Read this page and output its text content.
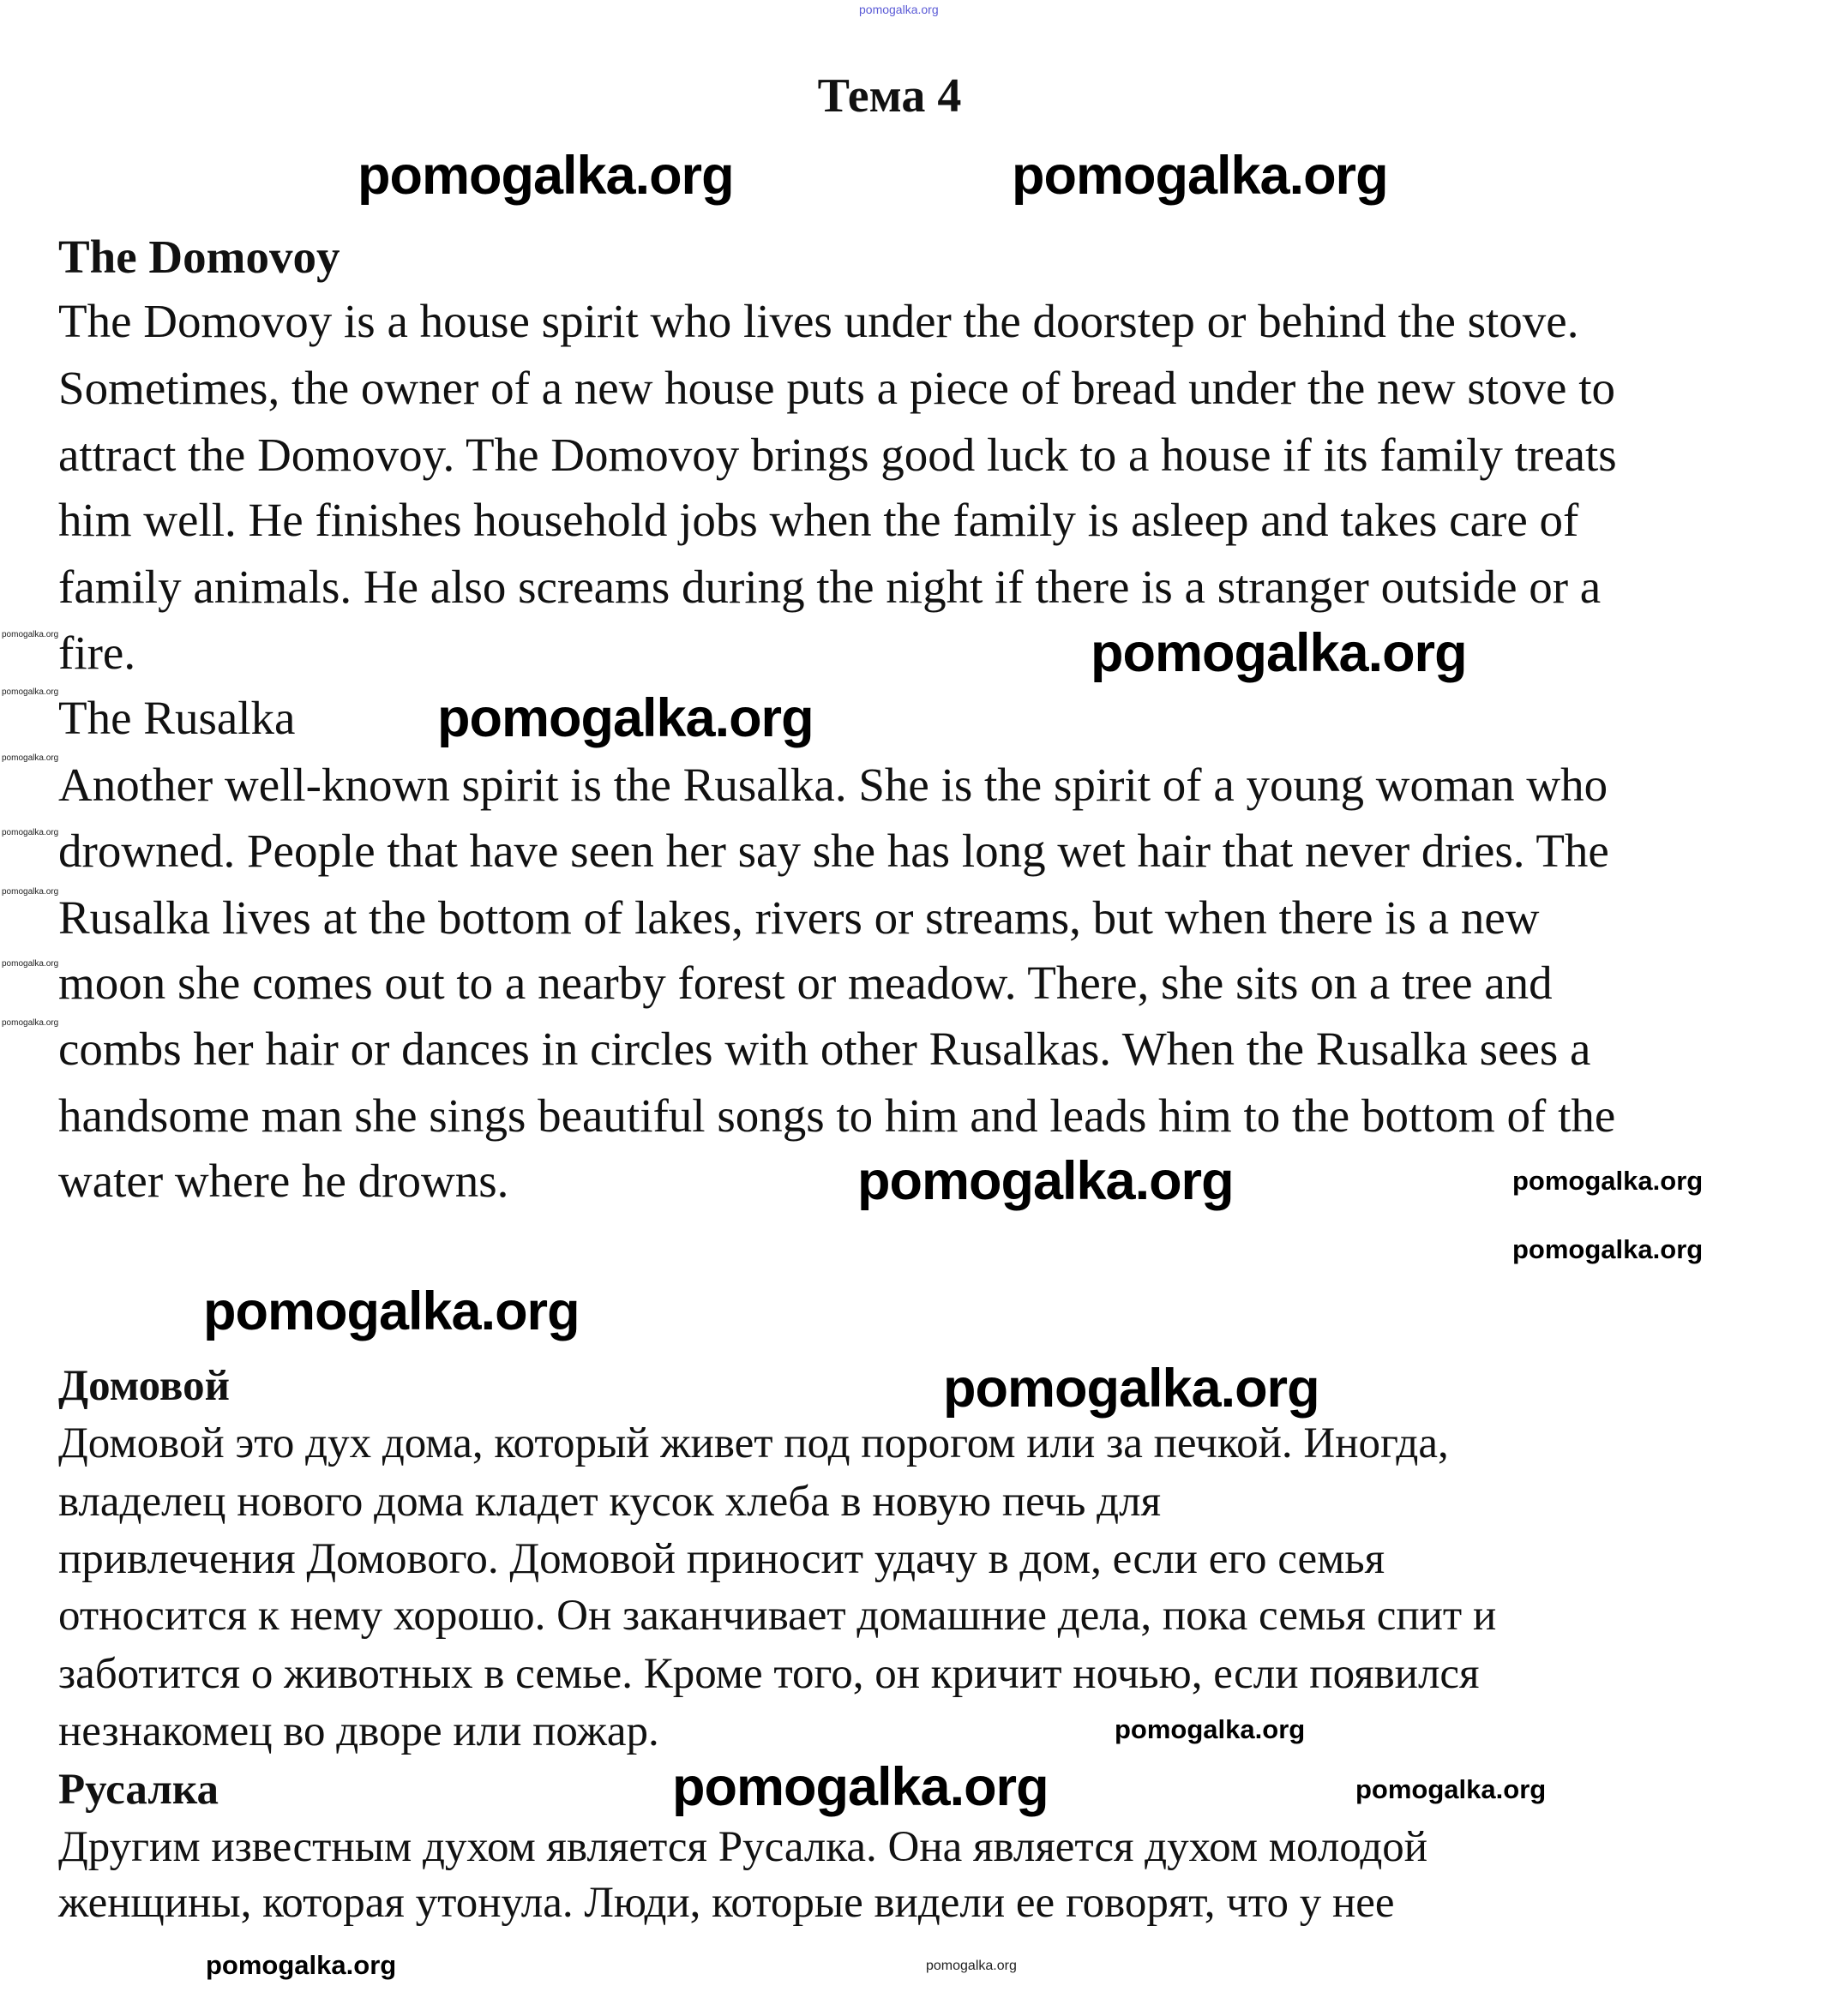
pomogalka.org
Тема 4
The Domovoy
The Domovoy is a house spirit who lives under the doorstep or behind the stove.
Sometimes, the owner of a new house puts a piece of bread under the new stove to
attract the Domovoy. The Domovoy brings good luck to a house if its family treats
him well. He finishes household jobs when the family is asleep and takes care of
family animals. He also screams during the night if there is a stranger outside or a
fire.
The Rusalka
Another well-known spirit is the Rusalka. She is the spirit of a young woman who
drowned. People that have seen her say she has long wet hair that never dries. The
Rusalka lives at the bottom of lakes, rivers or streams, but when there is a new
moon she comes out to a nearby forest or meadow. There, she sits on a tree and
combs her hair or dances in circles with other Rusalkas. When the Rusalka sees a
handsome man she sings beautiful songs to him and leads him to the bottom of the
water where he drowns.
Домовой
Домовой это дух дома, который живет под порогом или за печкой. Иногда,
владелец нового дома кладет кусок хлеба в новую печь для
привлечения Домового. Домовой приносит удачу в дом, если его семья
относится к нему хорошо. Он заканчивает домашние дела, пока семья спит и
заботится о животных в семье. Кроме того, он кричит ночью, если появился
незнакомец во дворе или пожар.
Русалка
Другим известным духом является Русалка. Она является духом молодой
женщины, которая утонула. Люди, которые видели ее говорят, что у нее
pomogalka.org	pomogalka.org
pomogalka.org
pomogalka.org
pomogalka.org
pomogalka.org
pomogalka.org
pomogalka.org
pomogalka.org
pomogalka.org
pomogalka.org
pomogalka.org
pomogalka.org
pomogalka.org
pomogalka.org
pomogalka.org
pomogalka.org
pomogalka.org
pomogalka.org
pomogalka.org
pomogalka.org
